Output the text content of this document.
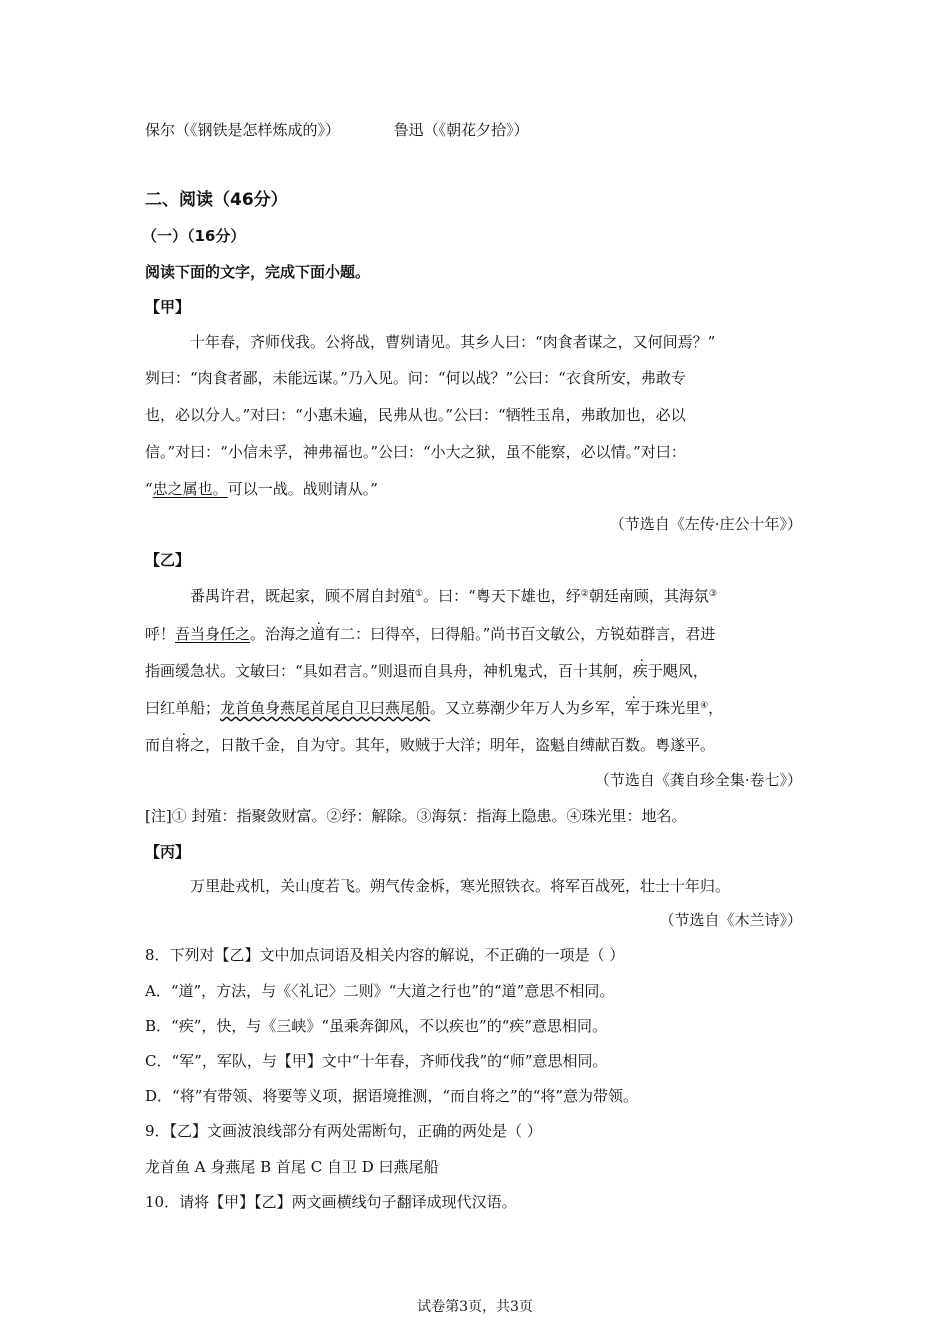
保尔（《钢铁是怎样炼成的》）	鲁迅（《朝花夕拾》）
二、阅读（46分）
（一）（16分）
阅读下面的文字，完成下面小题。
【甲】
十年春，齐师伐我。公将战，曹刿请见。其乡人曰：“肉食者谋之，又何间焉？”
刿曰：“肉食者鄙，未能远谋。”乃入见。问：“何以战？”公曰：“衣食所安，弗敢专
也，必以分人。”对曰：“小惠未遍，民弗从也。”公曰：“牺牲玉帛，弗敢加也，必以
信。”对曰：“小信未孚，神弗福也。”公曰：“小大之狱，虽不能察，必以情。”对曰：
“忠之属也。可以一战。战则请从。”
（节选自《左传·庄公十年》）
【乙】
番禺许君，既起家，顾不屑自封殖①。曰：“粤天下雄也，纾②朝廷南顾，其海氛③
呼！吾当身任之。治海之道有二：曰得卒，曰得船。”尚书百文敏公，方锐茹群言，君进
指画缓急状。文敏曰：“具如君言。”则退而自具舟，神机鬼式，百十其舸，疾于飓风，
曰红单船；龙首鱼身燕尾首尾自卫曰燕尾船。又立募潮少年万人为乡军，军于珠光里④，
而自将之，日散千金，自为守。其年，败贼于大洋；明年，盗魁自缚献百数。粤遂平。
（节选自《龚自珍全集·卷七》）
[注]① 封殖：指聚敛财富。②纾：解除。③海氛：指海上隐患。④珠光里：地名。
【丙】
万里赴戎机，关山度若飞。朔气传金柝，寒光照铁衣。将军百战死，壮士十年归。
（节选自《木兰诗》）
8．下列对【乙】文中加点词语及相关内容的解说，不正确的一项是（ ）
A．“道”，方法，与《〈礼记〉二则》“大道之行也”的“道”意思不相同。
B．“疾”，快，与《三峡》“虽乘奔御风，不以疾也”的“疾”意思相同。
C．“军”，军队，与【甲】文中“十年春，齐师伐我”的“师”意思相同。
D．“将”有带领、将要等义项，据语境推测，“而自将之”的“将”意为带领。
9．【乙】文画波浪线部分有两处需断句，正确的两处是（ ）
龙首鱼 A 身燕尾 B 首尾 C 自卫 D 曰燕尾船
10．请将【甲】【乙】两文画横线句子翻译成现代汉语。
试卷第3页，共3页
